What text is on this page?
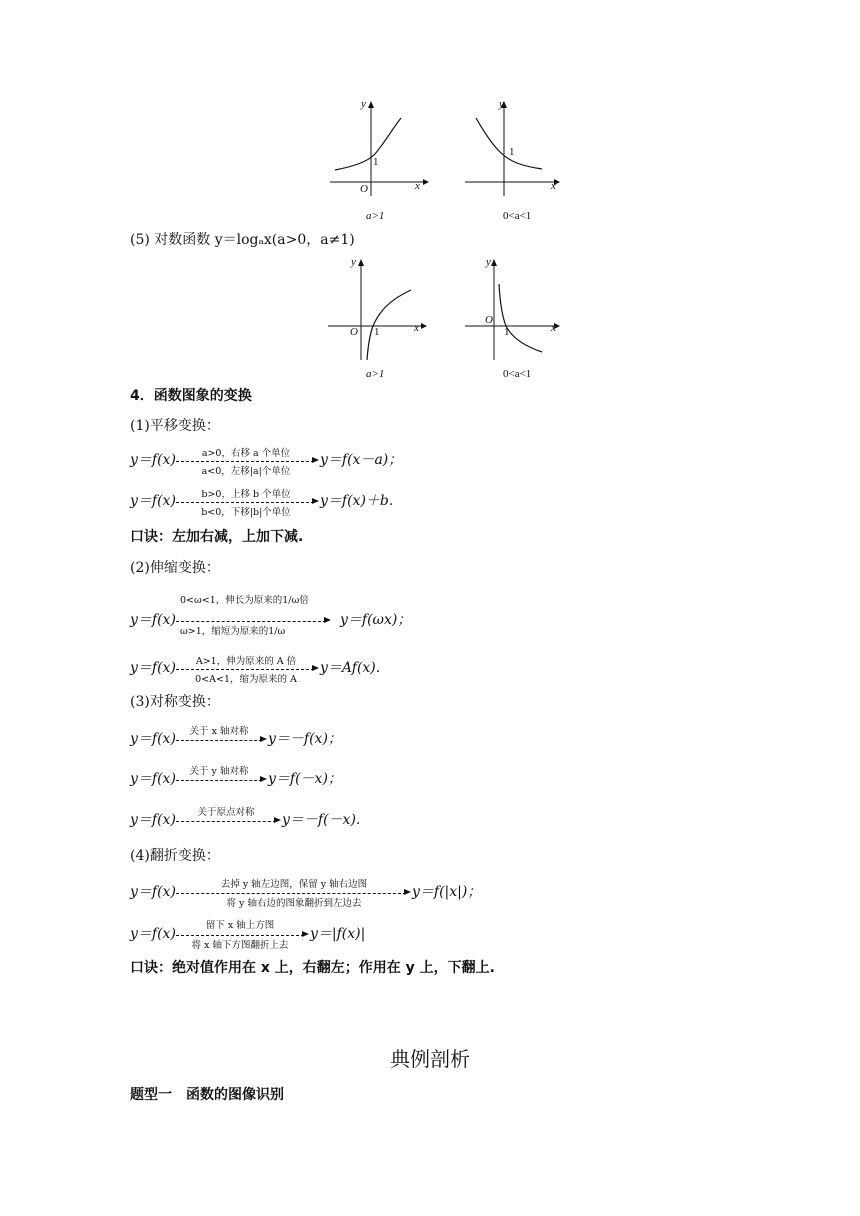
y
x
O
1
a>1
y
x
1
0<a<1
(5) 对数函数 y＝logₐx(a>0，a≠1)
y
x
O 1
a>1
y
x
O
1
0<a<1
4．函数图象的变换
(1)平移变换：
y＝f(x)	a>0，右移 a 个单位
a<0，左移|a|个单位
y＝f(x－a)；
y＝f(x)	b>0，上移 b 个单位
b<0，下移|b|个单位
y＝f(x)＋b.
口诀：左加右减，上加下减.
(2)伸缩变换：
y＝f(x)
0<ω<1，伸长为原来的1/ω倍
ω>1，缩短为原来的1/ω
y＝f(ωx)；
y＝f(x)	A>1，伸为原来的 A 倍
0<A<1，缩为原来的 A
y＝Af(x).
(3)对称变换：
y＝f(x)	关于 x 轴对称	y＝－f(x)；
y＝f(x)	关于 y 轴对称	y＝f(－x)；
y＝f(x)	关于原点对称	y＝－f(－x).
(4)翻折变换：
y＝f(x)	去掉 y 轴左边图，保留 y 轴右边图
将 y 轴右边的图象翻折到左边去
y＝f(|x|)；
y＝f(x)
留下 x 轴上方图
将 x 轴下方图翻折上去
y＝|f(x)|
口诀：绝对值作用在 x 上，右翻左；作用在 y 上，下翻上.
典例剖析
题型一　函数的图像识别
